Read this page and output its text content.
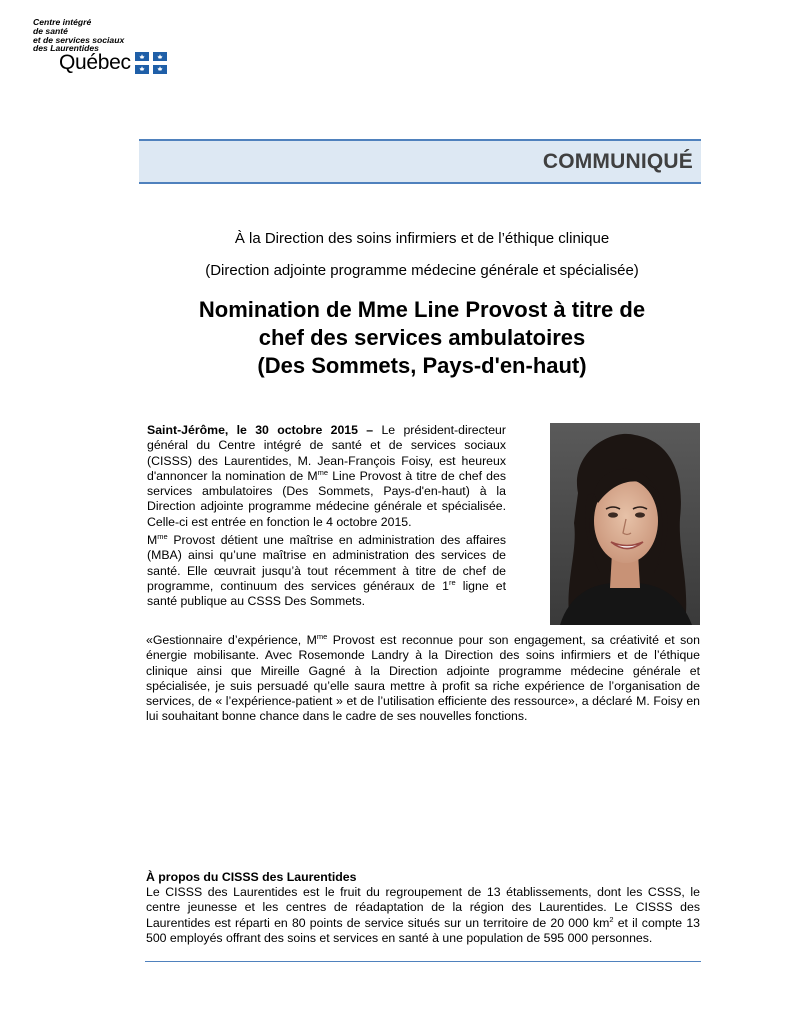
Centre intégré
de santé
et de services sociaux
des Laurentides
Québec
COMMUNIQUÉ
À la Direction des soins infirmiers et de l’éthique clinique
(Direction adjointe programme médecine générale et spécialisée)
Nomination de Mme Line Provost à titre de
chef des services ambulatoires
(Des Sommets, Pays-d'en-haut)
Saint-Jérôme, le 30 octobre 2015 – Le président-directeur général du Centre intégré de santé et de services sociaux (CISSS) des Laurentides, M. Jean-François Foisy, est heureux d'annoncer la nomination de $M^{me}$ Line Provost à titre de chef des services ambulatoires (Des Sommets, Pays-d'en-haut) à la Direction adjointe programme médecine générale et spécialisée. Celle-ci est entrée en fonction le 4 octobre 2015.
$M^{me}$ Provost détient une maîtrise en administration des affaires (MBA) ainsi qu’une maîtrise en administration des services de santé. Elle œuvrait jusqu’à tout récemment à titre de chef de programme, continuum des services généraux de 1re ligne et santé publique au CSSS Des Sommets.
«Gestionnaire d’expérience, $M^{me}$ Provost est reconnue pour son engagement, sa créativité et son énergie mobilisante. Avec Rosemonde Landry à la Direction des soins infirmiers et de l’éthique clinique ainsi que Mireille Gagné à la Direction adjointe programme médecine générale et spécialisée, je suis persuadé qu’elle saura mettre à profit sa riche expérience de l’organisation de services, de « l’expérience-patient » et de l’utilisation efficiente des ressource», a déclaré M. Foisy en lui souhaitant bonne chance dans le cadre de ses nouvelles fonctions.
À propos du CISSS des Laurentides
Le CISSS des Laurentides est le fruit du regroupement de 13 établissements, dont les CSSS, le centre jeunesse et les centres de réadaptation de la région des Laurentides. Le CISSS des Laurentides est réparti en 80 points de service situés sur un territoire de 20 000 $km^2$ et il compte 13 500 employés offrant des soins et services en santé à une population de 595 000 personnes.
